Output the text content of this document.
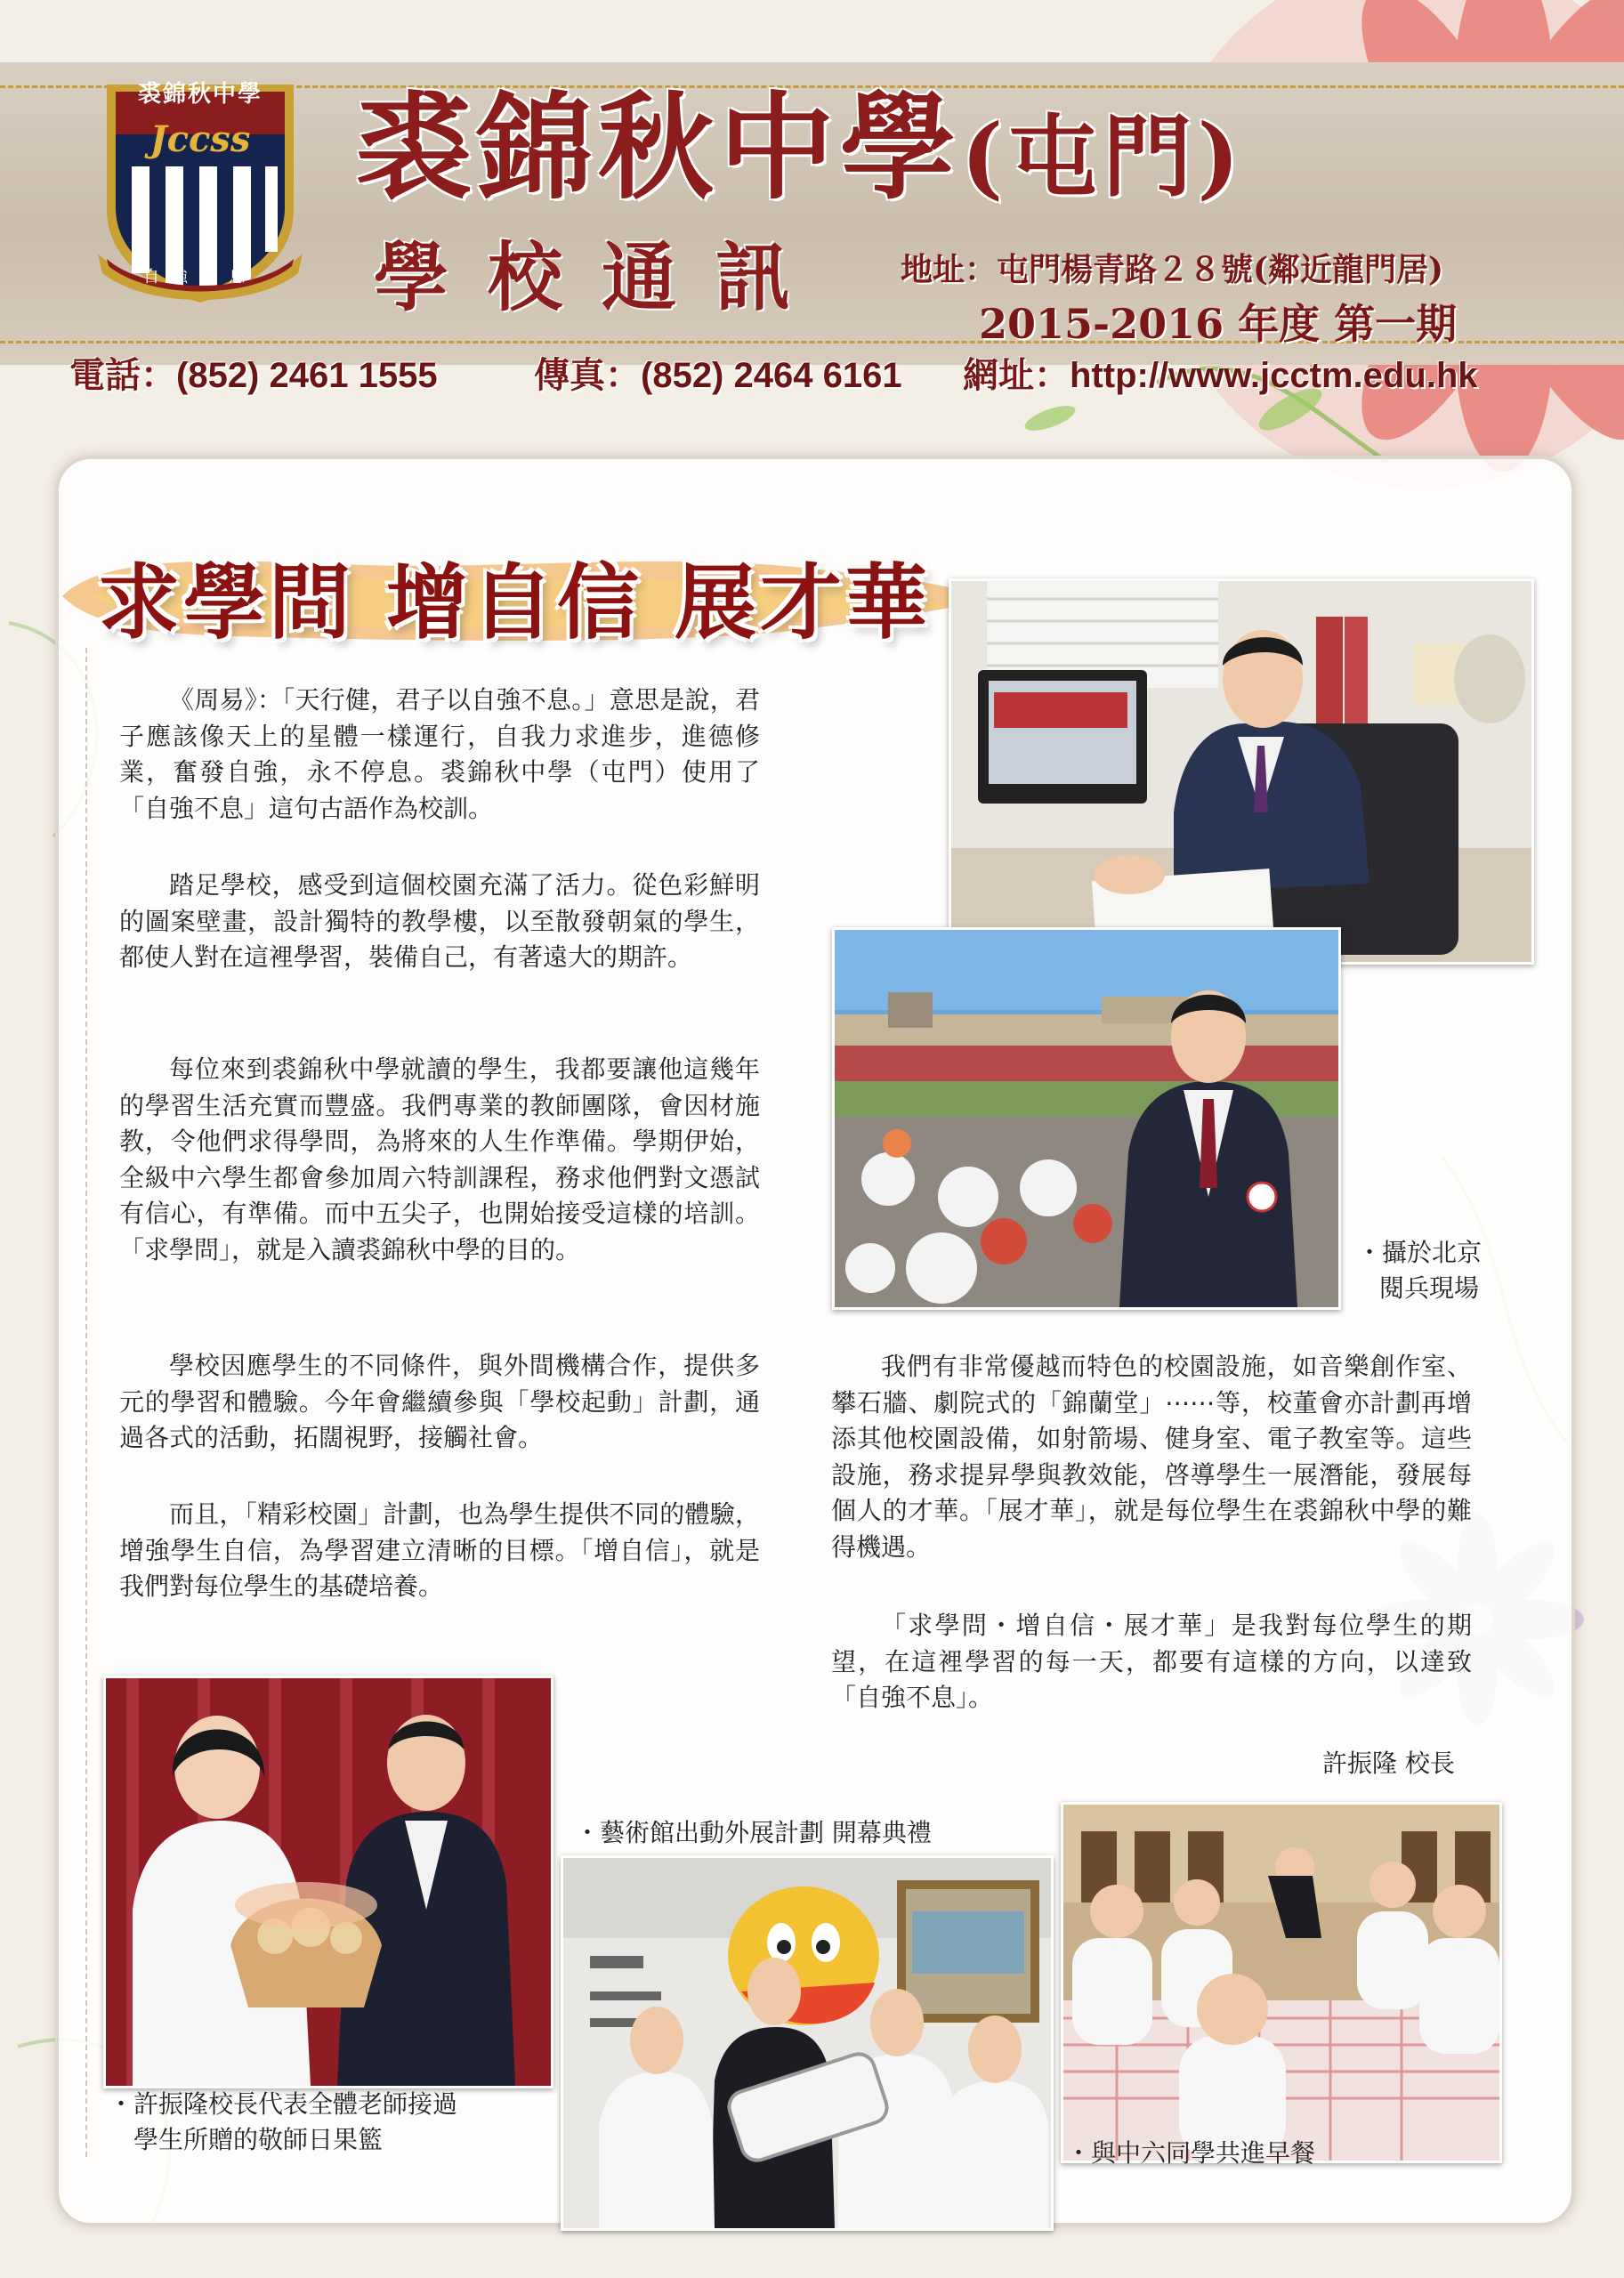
裘錦秋中學
Jccss
自強不息
裘錦秋中學(屯門)
學校通訊 地址：屯門楊青路２８號(鄰近龍門居)
2015-2016 年度 第一期
電話：(852) 2461 1555	傳真：(852) 2464 6161 網址：http://www.jcctm.edu.hk
求學問 增自信 展才華

《周易》：「天行健，君子以自強不息。」意思是說，君子應該像天上的星體一樣運行，自我力求進步，進德修業，奮發自強，永不停息。裘錦秋中學（屯門）使用了「自強不息」這句古語作為校訓。

踏足學校，感受到這個校園充滿了活力。從色彩鮮明的圖案壁畫，設計獨特的教學樓，以至散發朝氣的學生，都使人對在這裡學習，裝備自己，有著遠大的期許。

每位來到裘錦秋中學就讀的學生，我都要讓他這幾年的學習生活充實而豐盛。我們專業的教師團隊，會因材施教，令他們求得學問，為將來的人生作準備。學期伊始，全級中六學生都會參加周六特訓課程，務求他們對文憑試有信心，有準備。而中五尖子，也開始接受這樣的培訓。「求學問」，就是入讀裘錦秋中學的目的。

學校因應學生的不同條件，與外間機構合作，提供多元的學習和體驗。今年會繼續參與「學校起動」計劃，通過各式的活動，拓闊視野，接觸社會。

而且，「精彩校園」計劃，也為學生提供不同的體驗，增強學生自信，為學習建立清晰的目標。「增自信」，就是我們對每位學生的基礎培養。

・攝於北京
閱兵現場

我們有非常優越而特色的校園設施，如音樂創作室、攀石牆、劇院式的「錦蘭堂」⋯⋯等，校董會亦計劃再增添其他校園設備，如射箭場、健身室、電子教室等。這些設施，務求提昇學與教效能，啓導學生一展潛能，發展每個人的才華。「展才華」，就是每位學生在裘錦秋中學的難得機遇。

「求學問・增自信・展才華」是我對每位學生的期望，在這裡學習的每一天，都要有這樣的方向，以達致「自強不息」。

許振隆 校長
・許振隆校長代表全體老師接過
學生所贈的敬師日果籃
・藝術館出動外展計劃 開幕典禮
・與中六同學共進早餐
